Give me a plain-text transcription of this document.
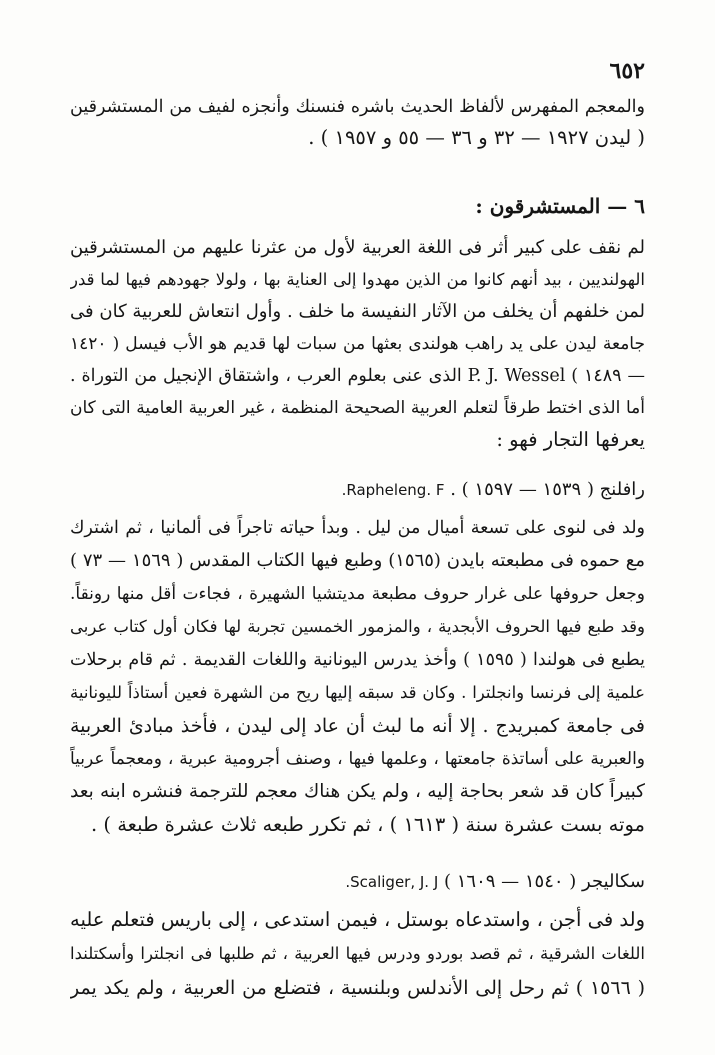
٦٥٢
والمعجم المفهرس لألفاظ الحديث باشره فنسنك وأنجزه لفيف من المستشرقين
( ليدن ١٩٢٧ — ٣٢ و ٣٦ — ٥٥ و ١٩٥٧ ) .
٦ — المستشرقون :
لم نقف على كبير أثر فى اللغة العربية لأول من عثرنا عليهم من المستشرقين
الهولنديين ، بيد أنهم كانوا من الذين مهدوا إلى العناية بها ، ولولا جهودهم فيها لما قدر
لمن خلفهم أن يخلف من الآثار النفيسة ما خلف . وأول انتعاش للعربية كان فى
جامعة ليدن على يد راهب هولندى بعثها من سبات لها قديم هو الأب فيسل ( ١٤٢٠
— ١٤٨٩ ) P. J. Wessel الذى عنى بعلوم العرب ، واشتقاق الإنجيل من التوراة .
أما الذى اختط طرقاً لتعلم العربية الصحيحة المنظمة ، غير العربية العامية التى كان
يعرفها التجار فهو :
رافلنج ( ١٥٣٩ — ١٥٩٧ ) . Rapheleng. F.
ولد فى لنوى على تسعة أميال من ليل . وبدأ حياته تاجراً فى ألمانيا ، ثم اشترك
مع حموه فى مطبعته بايدن (١٥٦٥) وطبع فيها الكتاب المقدس ( ١٥٦٩ — ٧٣ )
وجعل حروفها على غرار حروف مطبعة مديتشيا الشهيرة ، فجاءت أقل منها رونقاً.
وقد طبع فيها الحروف الأبجدية ، والمزمور الخمسين تجربة لها فكان أول كتاب عربى
يطبع فى هولندا ( ١٥٩٥ ) وأخذ يدرس اليونانية واللغات القديمة . ثم قام برحلات
علمية إلى فرنسا وانجلترا . وكان قد سبقه إليها ريح من الشهرة فعين أستاذاً لليونانية
فى جامعة كمبريدج . إلا أنه ما لبث أن عاد إلى ليدن ، فأخذ مبادئ العربية
والعبرية على أساتذة جامعتها ، وعلمها فيها ، وصنف أجرومية عبرية ، ومعجماً عربياً
كبيراً كان قد شعر بحاجة إليه ، ولم يكن هناك معجم للترجمة فنشره ابنه بعد
موته بست عشرة سنة ( ١٦١٣ ) ، ثم تكرر طبعه ثلاث عشرة طبعة ) .
سكاليجر ( ١٥٤٠ — ١٦٠٩ ) Scaliger, J. J.
ولد فى أجن ، واستدعاه بوستل ، فيمن استدعى ، إلى باريس فتعلم عليه
اللغات الشرقية ، ثم قصد بوردو ودرس فيها العربية ، ثم طلبها فى انجلترا وأسكتلندا
( ١٥٦٦ ) ثم رحل إلى الأندلس وبلنسية ، فتضلع من العربية ، ولم يكد يمر
